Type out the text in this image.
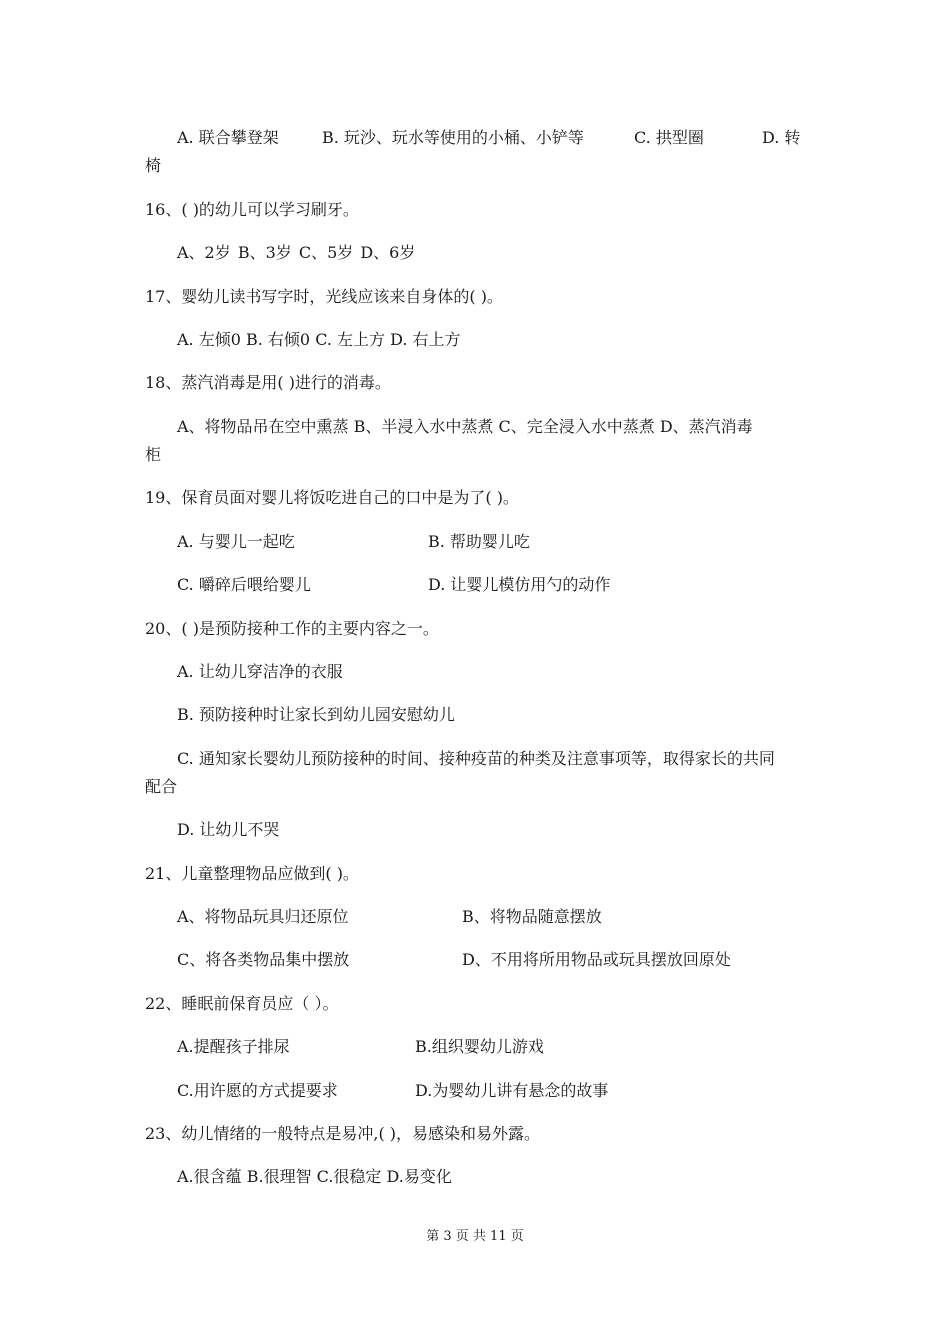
A. 联合攀登架	B. 玩沙、玩水等使用的小桶、小铲等	C. 拱型圈	D. 转
椅
16、( )的幼儿可以学习刷牙。
A、2岁 B、3岁 C、5岁 D、6岁
17、婴幼儿读书写字时，光线应该来自身体的( )。
A. 左倾0 B. 右倾0 C. 左上方 D. 右上方
18、蒸汽消毒是用( )进行的消毒。
A、将物品吊在空中熏蒸 B、半浸入水中蒸煮 C、完全浸入水中蒸煮 D、蒸汽消毒
柜
19、保育员面对婴儿将饭吃进自己的口中是为了( )。
A. 与婴儿一起吃	B. 帮助婴儿吃
C. 嚼碎后喂给婴儿	D. 让婴儿模仿用勺的动作
20、( )是预防接种工作的主要内容之一。
A. 让幼儿穿洁净的衣服
B. 预防接种时让家长到幼儿园安慰幼儿
C. 通知家长婴幼儿预防接种的时间、接种疫苗的种类及注意事项等，取得家长的共同
配合
D. 让幼儿不哭
21、儿童整理物品应做到( )。
A、将物品玩具归还原位	B、将物品随意摆放
C、将各类物品集中摆放	D、不用将所用物品或玩具摆放回原处
22、睡眠前保育员应（ ）。
A.提醒孩子排尿	B.组织婴幼儿游戏
C.用许愿的方式提要求	D.为婴幼儿讲有悬念的故事
23、幼儿情绪的一般特点是易冲,( )，易感染和易外露。
A.很含蕴 B.很理智 C.很稳定 D.易变化
第 3 页 共 11 页
